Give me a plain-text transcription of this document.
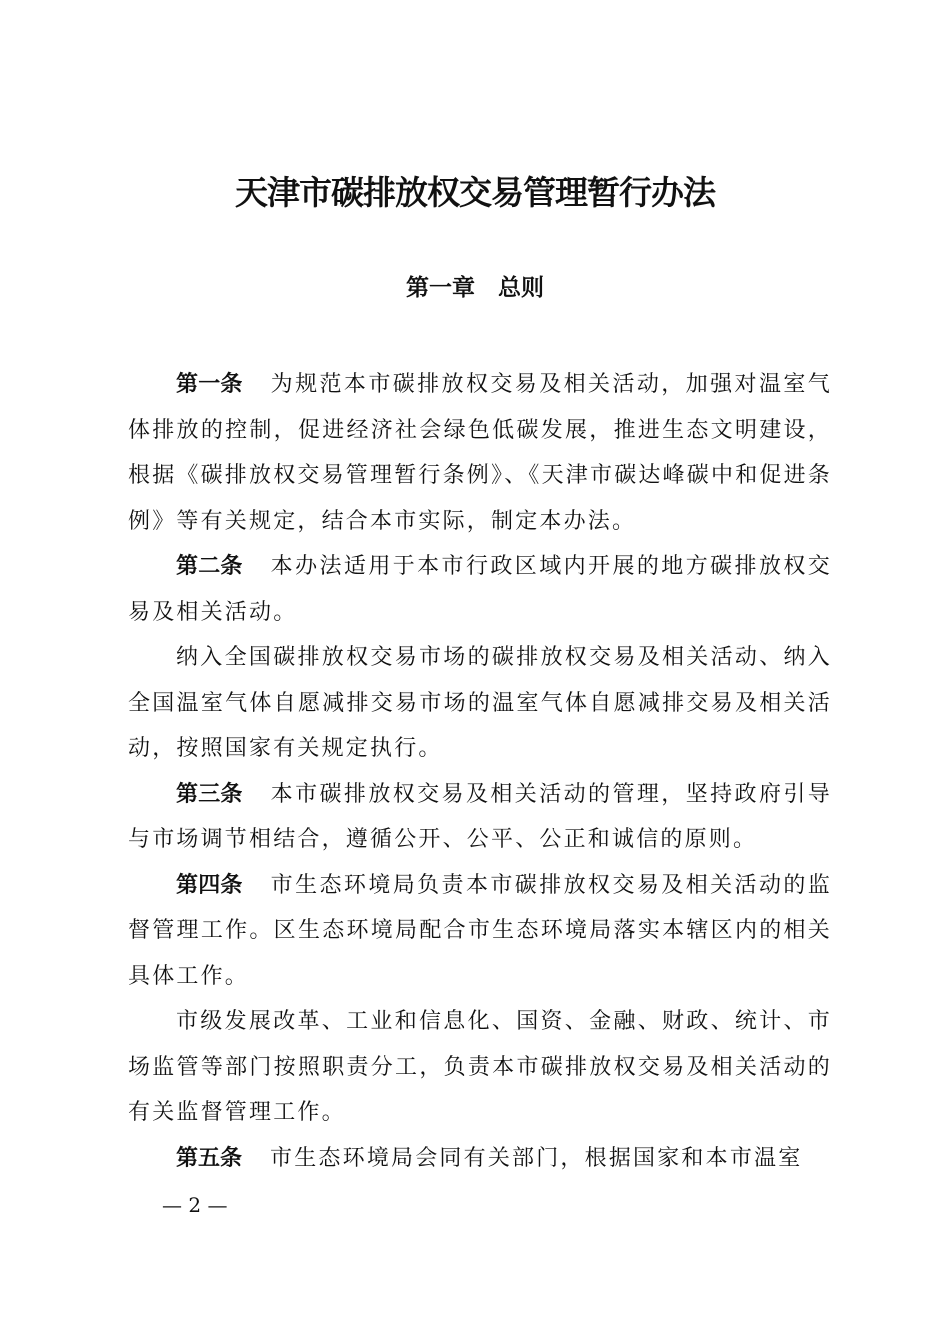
天津市碳排放权交易管理暂行办法
第一章　总则

第一条 为规范本市碳排放权交易及相关活动，加强对温室气体排放的控制，促进经济社会绿色低碳发展，推进生态文明建设，根据《碳排放权交易管理暂行条例》、《天津市碳达峰碳中和促进条例》等有关规定，结合本市实际，制定本办法。

第二条 本办法适用于本市行政区域内开展的地方碳排放权交易及相关活动。

纳入全国碳排放权交易市场的碳排放权交易及相关活动、纳入全国温室气体自愿减排交易市场的温室气体自愿减排交易及相关活动，按照国家有关规定执行。

第三条 本市碳排放权交易及相关活动的管理，坚持政府引导与市场调节相结合，遵循公开、公平、公正和诚信的原则。

第四条 市生态环境局负责本市碳排放权交易及相关活动的监督管理工作。区生态环境局配合市生态环境局落实本辖区内的相关具体工作。

市级发展改革、工业和信息化、国资、金融、财政、统计、市场监管等部门按照职责分工，负责本市碳排放权交易及相关活动的有关监督管理工作。

第五条 市生态环境局会同有关部门，根据国家和本市温室

— 2 —
